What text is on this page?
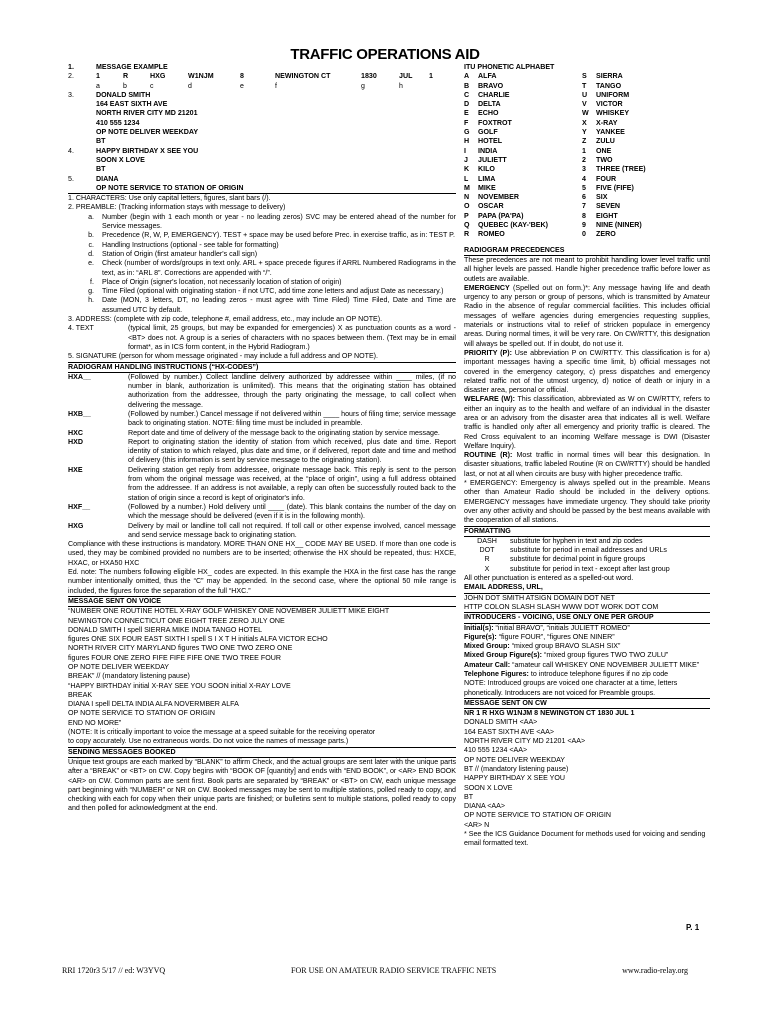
TRAFFIC OPERATIONS AID
1.	MESSAGE EXAMPLE
2.	1	R	HXG	W1NJM	8	NEWINGTON CT	1830	JUL	1
a	b	c	d	e	f	g	h
3.	DONALD SMITH
164 EAST SIXTH AVE
NORTH RIVER CITY MD 21201
410 555 1234
OP NOTE DELIVER WEEKDAY
BT
4.	HAPPY BIRTHDAY X SEE YOU
SOON X LOVE
BT
5.	DIANA
OP NOTE SERVICE TO STATION OF ORIGIN
1. CHARACTERS: Use only capital letters, figures, slant bars (/).
2. PREAMBLE: (Tracking information stays with message to delivery)
a.	Number (begin with 1 each month or year - no leading zeros) SVC may be entered ahead of the number for Service messages.
b.	Precedence (R, W, P, EMERGENCY). TEST + space may be used before Prec. in exercise traffic, as in: TEST P.
c.	Handling Instructions (optional - see table for formatting)
d.	Station of Origin (first amateur handler's call sign)
e.	Check (number of words/groups in text only. ARL + space precede figures if ARRL Numbered Radiograms in the text, as in: “ARL 8”. Corrections are appended with “/”.
f.	Place of Origin (signer's location, not necessarily location of station of origin)
g.	Time Filed (optional with originating station - if not UTC, add time zone letters and adjust Date as necessary.)
h.	Date (MON, 3 letters, DT, no leading zeros - must agree with Time Filed) Time Filed, Date and Time are assumed UTC by default.
3. ADDRESS: (complete with zip code, telephone #, email address, etc., may include an OP NOTE).
4. TEXT	(typical limit, 25 groups, but may be expanded for emergencies) X as punctuation counts as a word - <BT> does not. A group is a series of characters with no spaces between them. (Text may be in email format*, as in ICS form content, in the Hybrid Radiogram.)
5. SIGNATURE (person for whom message originated - may include a full address and OP NOTE).
RADIOGRAM HANDLING INSTRUCTIONS (“HX-CODES”)
HXA__	(Followed by number.) Collect landline delivery authorized by addressee within ____ miles, (if no number in blank, authorization is unlimited). This means that the originating station has obtained authorization from the addressee, through the party originating the message, to call collect when delivering the message.
HXB__	(Followed by number.) Cancel message if not delivered within ____ hours of filing time; service message back to originating station. NOTE: filing time must be included in preamble.
HXC	Report date and time of delivery of the message back to the originating station by service message.
HXD	Report to originating station the identity of station from which received, plus date and time. Report identity of station to which relayed, plus date and time, or if delivered, report date and time and method of delivery (this information is sent by service message to the originating station).
HXE	Delivering station get reply from addressee, originate message back. This reply is sent to the person from whom the original message was received, at the “place of origin”, using a full address obtained from the addressee. If an address is not available, a reply can often be successfully routed back to the station of origin since a record is kept of originator's info.
HXF__	(Followed by a number.) Hold delivery until ____ (date). This blank contains the number of the day on which the message should be delivered (even if it is in the following month).
HXG	Delivery by mail or landline toll call not required. If toll call or other expense involved, cancel message and send service message back to originating station.
Compliance with these instructions is mandatory. MORE THAN ONE HX__ CODE MAY BE USED. If more than one code is used, they may be combined provided no numbers are to be inserted; otherwise the HX should be repeated, thus: HXCE, HXAC, or HXA50 HXC
Ed. note: The numbers following eligible HX_ codes are expected. In this example the HXA in the first case has the range number intentionally omitted, thus the “C” may be appended. In the second case, where the optional 50 mile range is included, the figures force the separation of the full “HXC.”
MESSAGE SENT ON VOICE
“NUMBER ONE ROUTINE HOTEL X-RAY GOLF WHISKEY ONE NOVEMBER JULIETT MIKE EIGHT
NEWINGTON CONNECTICUT ONE EIGHT TREE ZERO JULY ONE
DONALD SMITH I spell SIERRA MIKE INDIA TANGO HOTEL
figures ONE SIX FOUR EAST SIXTH I spell S I X T H initials ALFA VICTOR ECHO
NORTH RIVER CITY MARYLAND figures TWO ONE TWO ZERO ONE
figures FOUR ONE ZERO FIFE FIFE FIFE ONE TWO TREE FOUR
OP NOTE DELIVER WEEKDAY
BREAK” // (mandatory listening pause)
“HAPPY BIRTHDAY initial X-RAY SEE YOU SOON initial X-RAY LOVE
BREAK
DIANA I spell DELTA INDIA ALFA NOVERMBER ALFA
OP NOTE SERVICE TO STATION OF ORIGIN
END NO MORE”
(NOTE: It is critically important to voice the message at a speed suitable for the receiving operator
to copy accurately. Use no extraneous words. Do not voice the names of message parts.)
SENDING MESSAGES BOOKED
Unique text groups are each marked by “BLANK” to affirm Check, and the actual groups are sent later with the unique parts after a “BREAK” or <BT> on CW. Copy begins with “BOOK OF [quantity] and ends with “END BOOK”, or <AR> END BOOK <AR> on CW. Common parts are sent first. Book parts are separated by “BREAK” or <BT> on CW, each unique message part beginning with “NUMBER” or NR on CW. Booked messages may be sent to multiple stations, polled ready to copy, and checking with each for copy when their unique parts are finished; or bulletins sent to multiple stations, polled ready to copy and then polled for acknowledgment at the end.
ITU PHONETIC ALPHABET
A	ALFA	S	SIERRA
B	BRAVO	T	TANGO
C	CHARLIE	U	UNIFORM
D	DELTA	V	VICTOR
E	ECHO	W	WHISKEY
F	FOXTROT	X	X-RAY
G	GOLF	Y	YANKEE
H	HOTEL	Z	ZULU
I	INDIA	1	ONE
J	JULIETT	2	TWO
K	KILO	3	THREE (TREE)
L	LIMA	4	FOUR
M	MIKE	5	FIVE (FIFE)
N	NOVEMBER	6	SIX
O	OSCAR	7	SEVEN
P	PAPA (PA'PA)	8	EIGHT
Q	QUEBEC (KAY-'BEK)	9	NINE (NINER)
R	ROMEO	0	ZERO
RADIOGRAM PRECEDENCES
These precedences are not meant to prohibit handling lower level traffic until all higher levels are passed. Handle higher precedence traffic before lower as outlets are available.
EMERGENCY (Spelled out on form.)*: Any message having life and death urgency to any person or group of persons, which is transmitted by Amateur Radio in the absence of regular commercial facilities. This includes official messages of welfare agencies during emergencies requesting supplies, materials or instructions vital to relief of stricken populace in emergency areas. During normal times, it will be very rare. On CW/RTTY, this designation will always be spelled out. If in doubt, do not use it.
PRIORITY (P): Use abbreviation P on CW/RTTY. This classification is for a) important messages having a specific time limit, b) official messages not covered in the emergency category, c) press dispatches and emergency related traffic not of the utmost urgency, d) notice of death or injury in a disaster area, personal or official.
WELFARE (W): This classification, abbreviated as W on CW/RTTY, refers to either an inquiry as to the health and welfare of an individual in the disaster area or an advisory from the disaster area that indicates all is well. Welfare traffic is handled only after all emergency and priority traffic is cleared. The Red Cross equivalent to an incoming Welfare message is DWI (Disaster Welfare Inquiry).
ROUTINE (R): Most traffic in normal times will bear this designation. In disaster situations, traffic labeled Routine (R on CW/RTTY) should be handled last, or not at all when circuits are busy with higher precedence traffic.
* EMERGENCY: Emergency is always spelled out in the preamble. Means other than Amateur Radio should be included in the delivery options. EMERGENCY messages have immediate urgency. They should take priority over any other activity and should be passed by the best means available with the cooperation of all stations.
FORMATTING
DASH	substitute for hyphen in text and zip codes
DOT	substitute for period in email addresses and URLs
R	substitute for decimal point in figure groups
X	substitute for period in text - except after last group
All other punctuation is entered as a spelled-out word.
EMAIL ADDRESS, URL,
JOHN DOT SMITH ATSIGN DOMAIN DOT NET
HTTP COLON SLASH SLASH WWW DOT WORK DOT COM
INTRODUCERS - VOICING, USE ONLY ONE PER GROUP
Initial(s): “initial BRAVO”, “initials JULIETT ROMEO”
Figure(s): “figure FOUR”, “figures ONE NINER”
Mixed Group: “mixed group BRAVO SLASH SIX”
Mixed Group Figure(s): “mixed group figures TWO TWO ZULU”
Amateur Call: “amateur call WHISKEY ONE NOVEMBER JULIETT MIKE”
Telephone Figures: to introduce telephone figures if no zip code
NOTE: Introduced groups are voiced one character at a time, letters phonetically. Introducers are not voiced for Preamble groups.
MESSAGE SENT ON CW
NR 1 R HXG W1NJM 8 NEWINGTON CT 1830 JUL 1
DONALD SMITH <AA>
164 EAST SIXTH AVE <AA>
NORTH RIVER CITY MD 21201 <AA>
410 555 1234 <AA>
OP NOTE DELIVER WEEKDAY
BT // (mandatory listening pause)
HAPPY BIRTHDAY X SEE YOU
SOON X LOVE
BT
DIANA <AA>
OP NOTE SERVICE TO STATION OF ORIGIN
<AR> N
* See the ICS Guidance Document for methods used for voicing and sending email formatted text.
P. 1
RRI 1720r3 5/17 // ed: W3YVQ	FOR USE ON AMATEUR RADIO SERVICE TRAFFIC NETS	www.radio-relay.org
